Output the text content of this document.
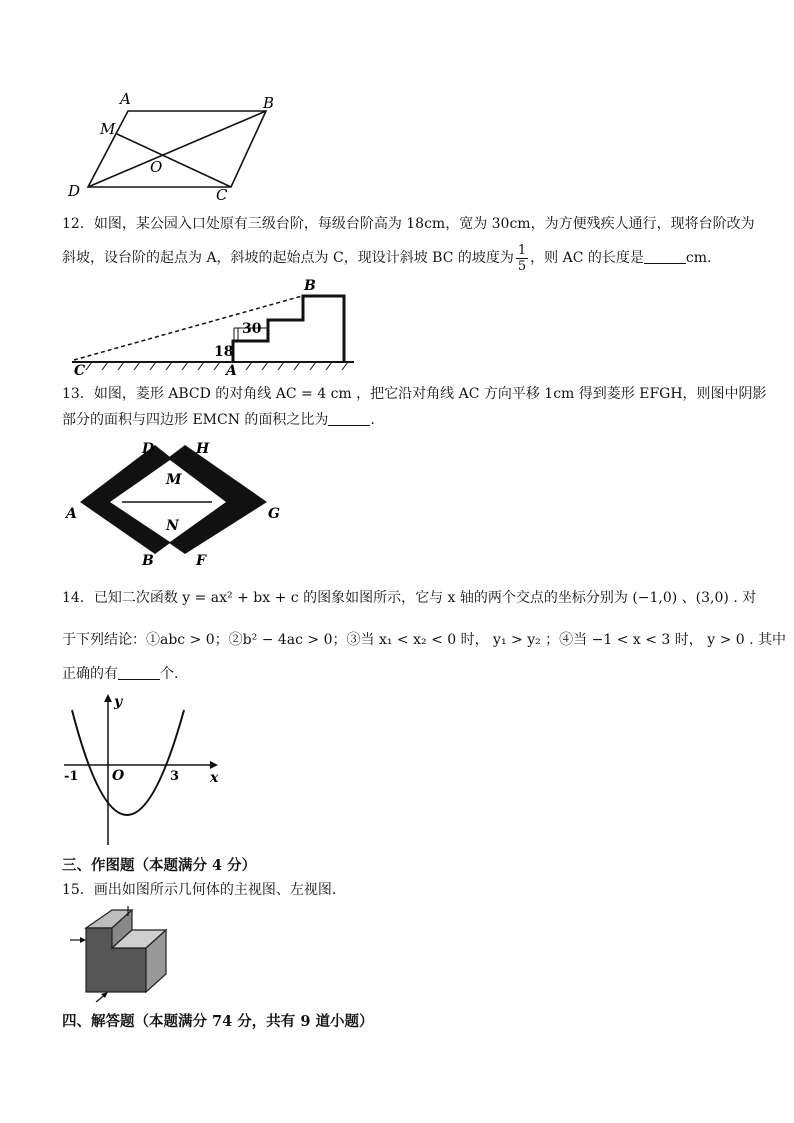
A	B
M
O
D	C
12．如图，某公园入口处原有三级台阶，每级台阶高为 18cm，宽为 30cm，为方便残疾人通行，现将台阶改为
斜坡，设台阶的起点为 A，斜坡的起始点为 C，现设计斜坡 BC 的坡度为 $\frac{1}{5}$ ，则 AC 的长度是	cm.
30
18
B
C	A
13．如图，菱形 ABCD 的对角线 AC = 4 cm ，把它沿对角线 AC 方向平移 1cm 得到菱形 EFGH，则图中阴影
部分的面积与四边形 EMCN 的面积之比为	.
D	H
M
A	G
N
B	F
14．已知二次函数 y = ax² + bx + c 的图象如图所示，它与 x 轴的两个交点的坐标分别为 (−1,0) 、(3,0) . 对
于下列结论：①abc > 0；②b² − 4ac > 0；③当 x₁ < x₂ < 0 时， y₁ > y₂ ；④当 −1 < x < 3 时， y > 0 . 其中
正确的有	个.
y
x
O
-1	3
三、作图题（本题满分 4 分）
15．画出如图所示几何体的主视图、左视图.
四、解答题（本题满分 74 分，共有 9 道小题）
